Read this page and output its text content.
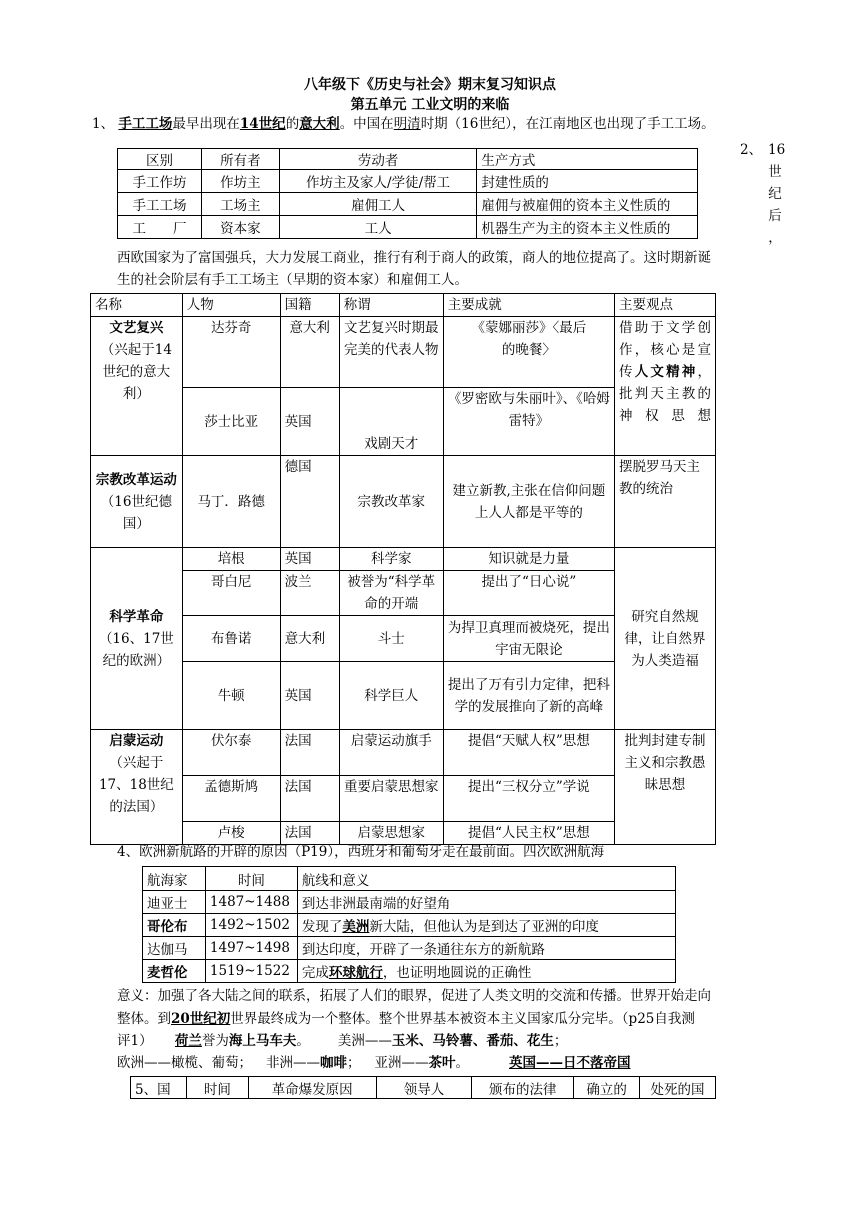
八年级下《历史与社会》期末复习知识点
第五单元 工业文明的来临
1、 手工工场最早出现在14世纪的意大利。中国在明清时期（16世纪），在江南地区也出现了手工工场。
区别	所有者	劳动者	生产方式
手工作坊	作坊主	作坊主及家人/学徒/帮工	封建性质的
手工工场	工场主	雇佣工人	雇佣与被雇佣的资本主义性质的
工　　厂	资本家	工人	机器生产为主的资本主义性质的
2、 16
世
纪
后
，
西欧国家为了富国强兵，大力发展工商业，推行有利于商人的政策，商人的地位提高了。这时期新诞
生的社会阶层有手工工场主（早期的资本家）和雇佣工人。
名称	人物	国籍	称谓	主要成就	主要观点

文艺复兴
（兴起于14世纪的意大利）	达芬奇	意大利	文艺复兴时期最完美的代表人物	《蒙娜丽莎》〈最后的晚餐〉	借助于文学创作，核心是宣传人文精神，批判天主教的神权思想
	莎士比亚	英国	戏剧天才	《罗密欧与朱丽叶》、《哈姆雷特》	

宗教改革运动
（16世纪德国）	马丁．路德	德国	宗教改革家	建立新教,主张在信仰问题上人人都是平等的	摆脱罗马天主教的统治

科学革命
（16、17世纪的欧洲）	培根	英国	科学家	知识就是力量	研究自然规律，让自然界为人类造福
	哥白尼	波兰	被誉为“科学革命的开端	提出了“日心说”	
	布鲁诺	意大利	斗士	为捍卫真理而被烧死，提出宇宙无限论	
	牛顿	英国	科学巨人	提出了万有引力定律，把科学的发展推向了新的高峰	

启蒙运动
（兴起于17、18世纪的法国）	伏尔泰	法国	启蒙运动旗手	提倡“天赋人权”思想	批判封建专制主义和宗教愚昧思想
	孟德斯鸠	法国	重要启蒙思想家	提出“三权分立”学说	
	卢梭	法国	启蒙思想家	提倡“人民主权”思想	
4、欧洲新航路的开辟的原因（P19），西班牙和葡萄牙走在最前面。四次欧洲航海
航海家	时间	航线和意义
迪亚士	1487~1488	到达非洲最南端的好望角
哥伦布	1492~1502	发现了美洲新大陆，但他认为是到达了亚洲的印度
达伽马	1497~1498	到达印度，开辟了一条通往东方的新航路
麦哲伦	1519~1522	完成环球航行，也证明地圆说的正确性
意义：加强了各大陆之间的联系，拓展了人们的眼界，促进了人类文明的交流和传播。世界开始走向
整体。到20世纪初世界最终成为一个整体。整个世界基本被资本主义国家瓜分完毕。（p25自我测
评1） 荷兰誉为海上马车夫。 美洲——玉米、马铃薯、番茄、花生；
欧洲——橄榄、葡萄； 非洲——咖啡； 亚洲——茶叶。	英国——日不落帝国
5、国	时间	革命爆发原因	领导人	颁布的法律	确立的	处死的国
